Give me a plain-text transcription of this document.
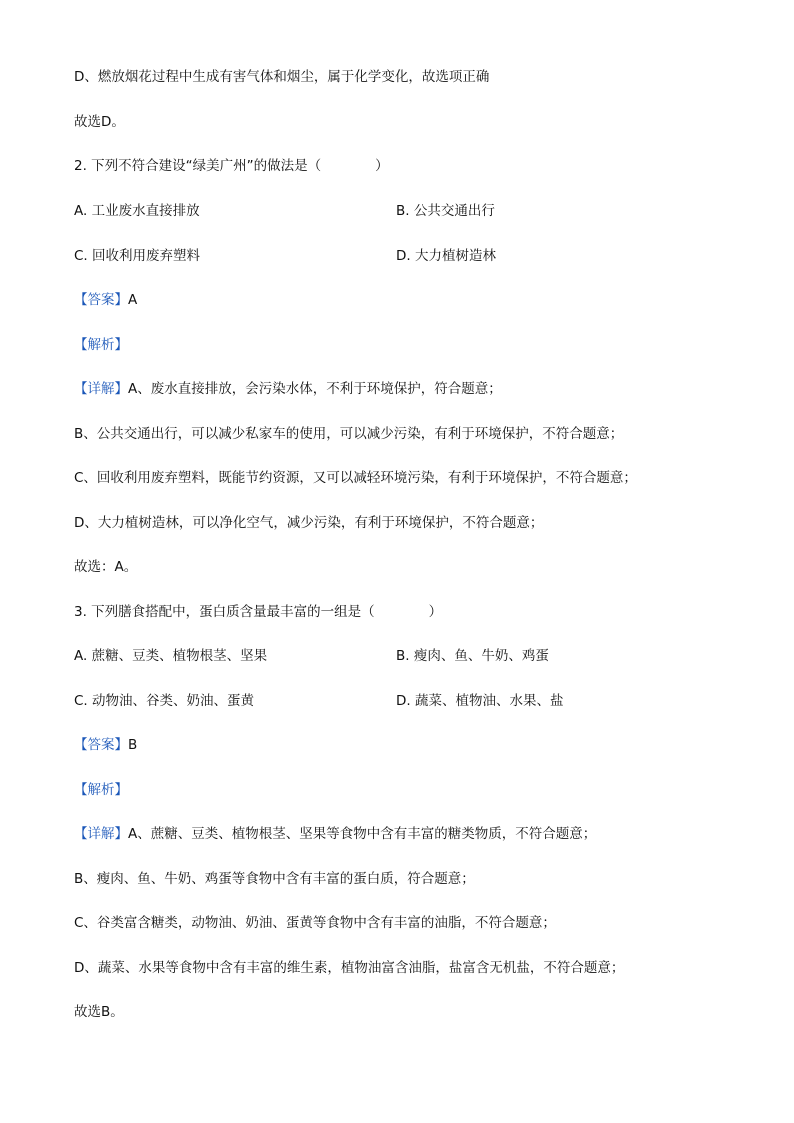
D、燃放烟花过程中生成有害气体和烟尘，属于化学变化，故选项正确
故选D。
2. 下列不符合建设“绿美广州”的做法是（　　　　）
A. 工业废水直接排放	B. 公共交通出行
C. 回收利用废弃塑料	D. 大力植树造林
【答案】A
【解析】
【详解】A、废水直接排放，会污染水体，不利于环境保护，符合题意；
B、公共交通出行，可以减少私家车的使用，可以减少污染，有利于环境保护，不符合题意；
C、回收利用废弃塑料，既能节约资源，又可以减轻环境污染，有利于环境保护，不符合题意；
D、大力植树造林，可以净化空气，减少污染，有利于环境保护，不符合题意；
故选：A。
3. 下列膳食搭配中，蛋白质含量最丰富的一组是（　　　　）
A. 蔗糖、豆类、植物根茎、坚果	B. 瘦肉、鱼、牛奶、鸡蛋
C. 动物油、谷类、奶油、蛋黄	D. 蔬菜、植物油、水果、盐
【答案】B
【解析】
【详解】A、蔗糖、豆类、植物根茎、坚果等食物中含有丰富的糖类物质，不符合题意；
B、瘦肉、鱼、牛奶、鸡蛋等食物中含有丰富的蛋白质，符合题意；
C、谷类富含糖类，动物油、奶油、蛋黄等食物中含有丰富的油脂，不符合题意；
D、蔬菜、水果等食物中含有丰富的维生素，植物油富含油脂，盐富含无机盐，不符合题意；
故选B。
